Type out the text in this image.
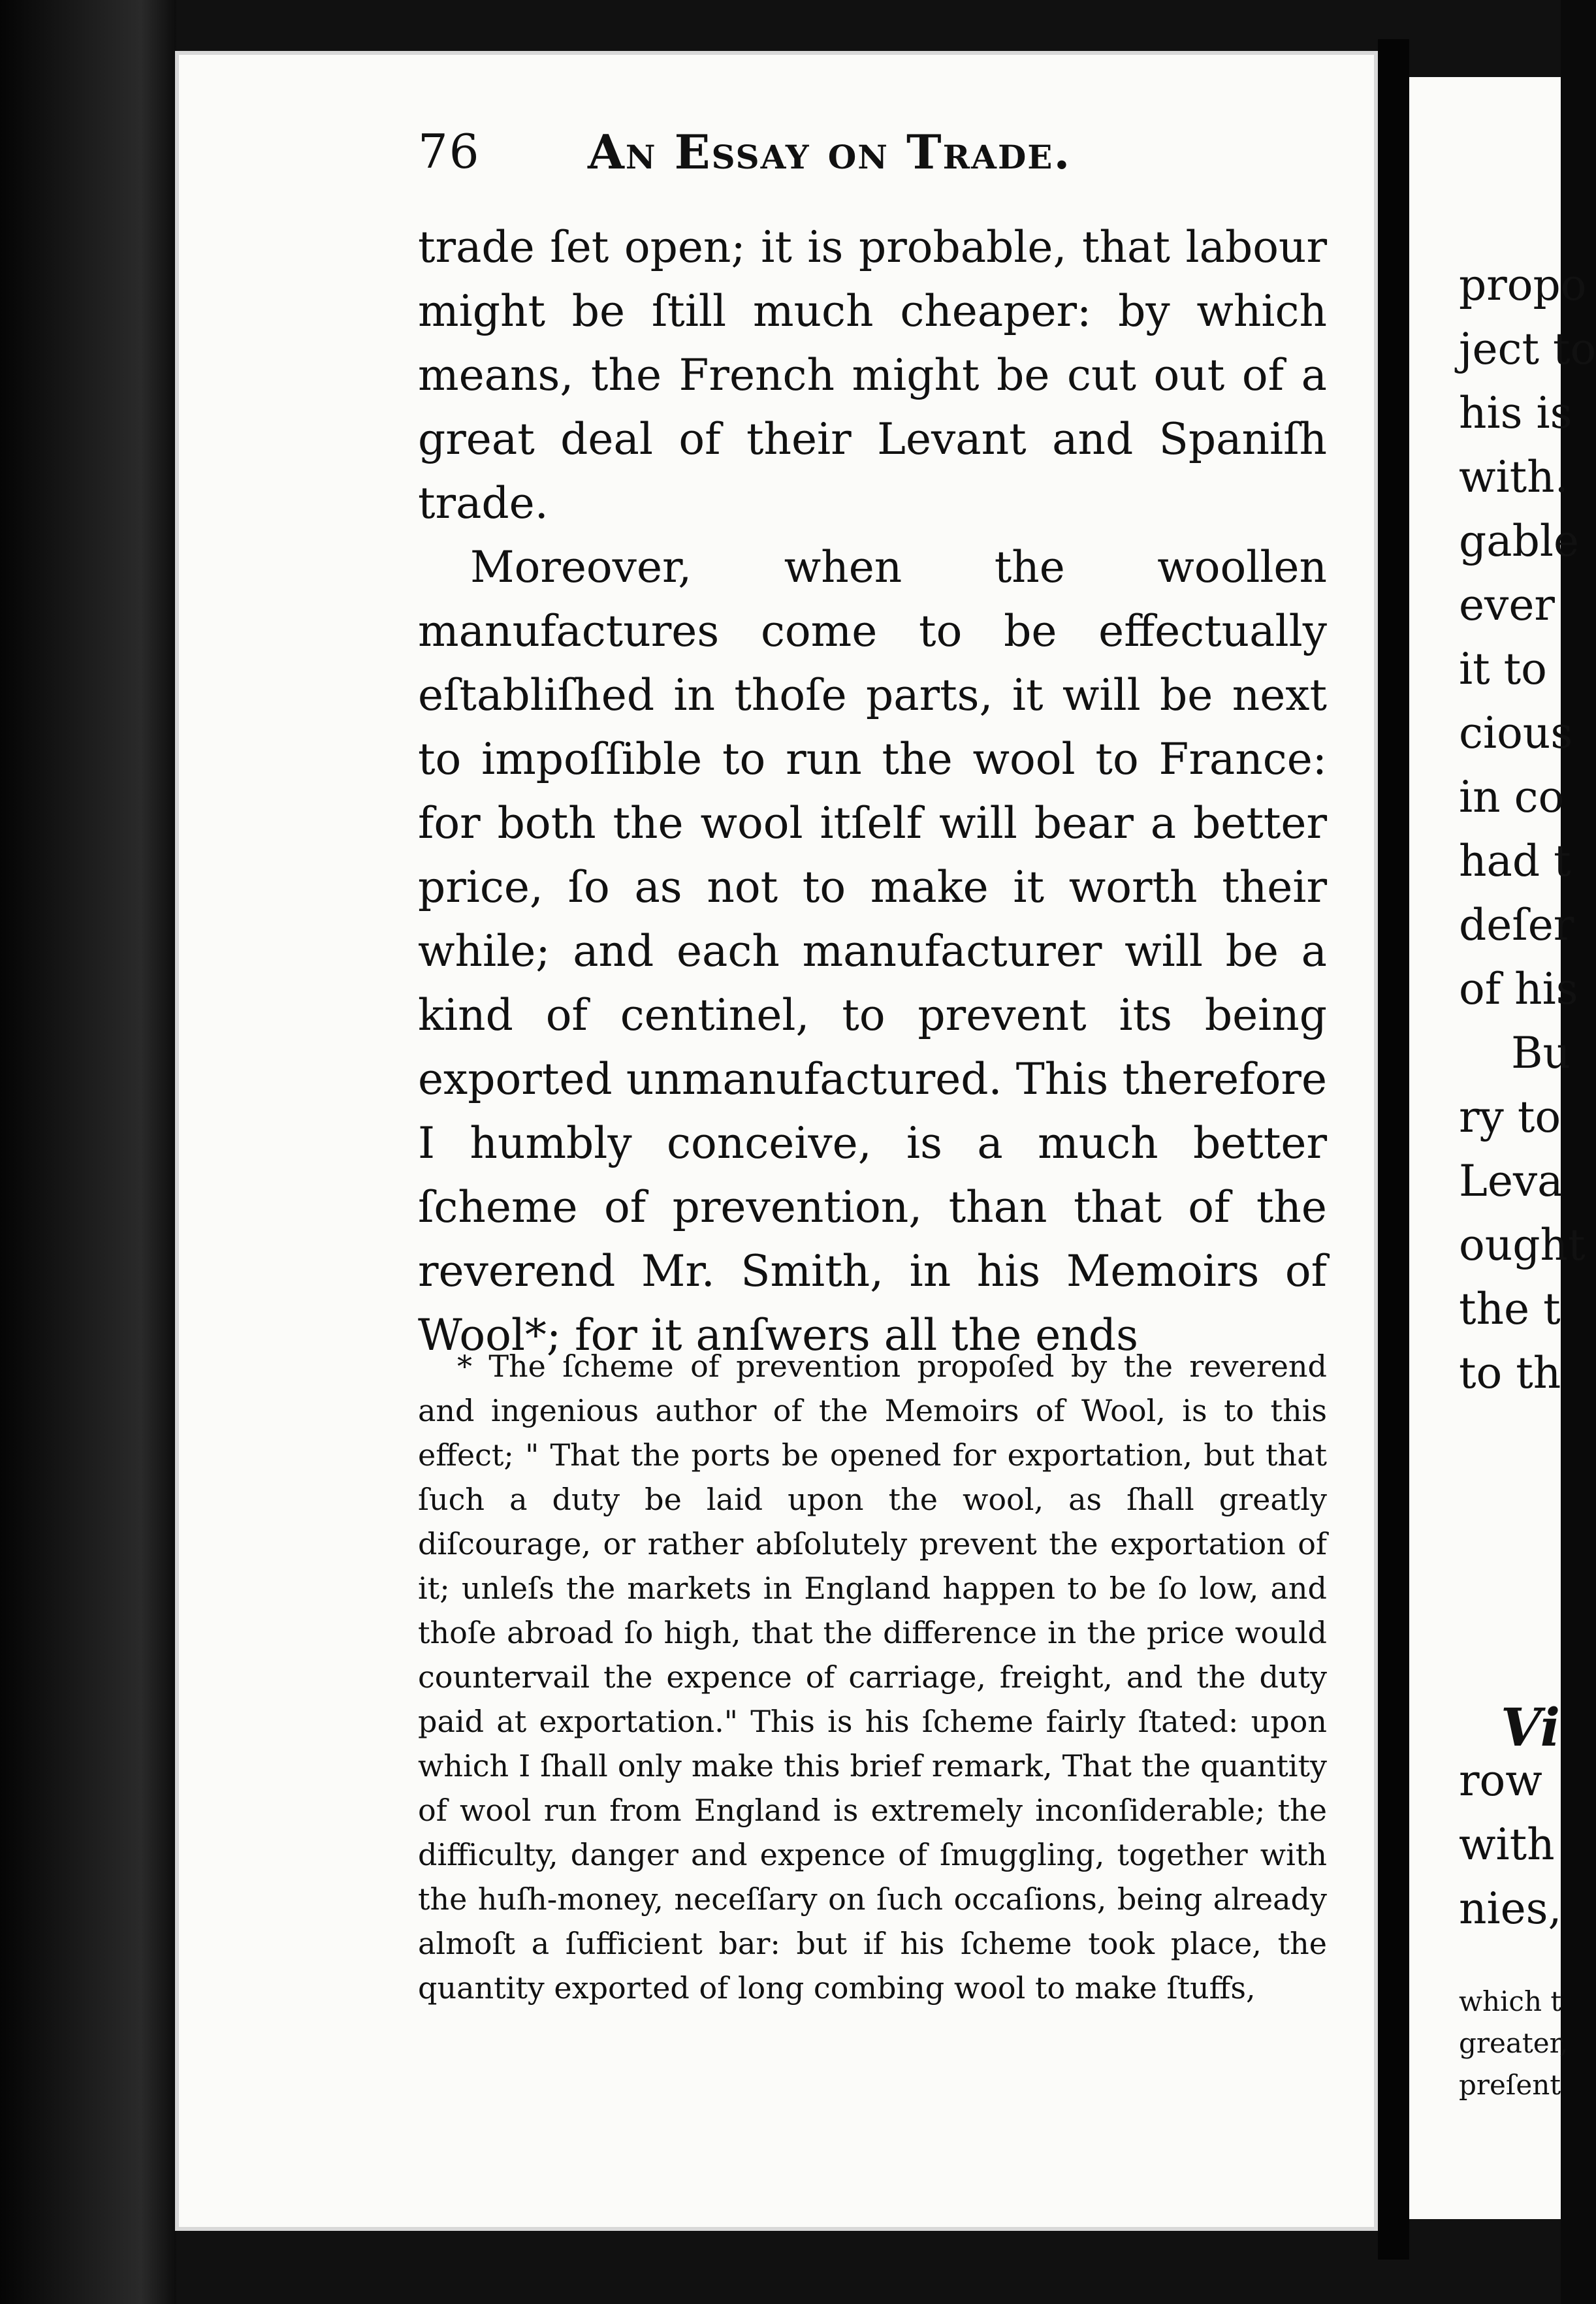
76 An Essay on Trade.

trade ſet open; it is probable, that labour might be ſtill much cheaper: by which means, the French might be cut out of a great deal of their Levant and Spaniſh trade.

Moreover, when the woollen manufactures come to be effectually eſtabliſhed in thoſe parts, it will be next to impoſſible to run the wool to France: for both the wool itſelf will bear a better price, ſo as not to make it worth their while; and each manufacturer will be a kind of centinel, to prevent its being exported unmanufactured. This therefore I humbly conceive, is a much better ſcheme of prevention, than that of the reverend Mr. Smith, in his Memoirs of Wool*; for it anſwers all the ends

* The ſcheme of prevention propoſed by the reverend and ingenious author of the Memoirs of Wool, is to this effect; " That the ports be opened for exportation, but that ſuch a duty be laid upon the wool, as ſhall greatly diſcourage, or rather abſolutely prevent the exportation of it; unleſs the markets in England happen to be ſo low, and thoſe abroad ſo high, that the difference in the price would countervail the expence of carriage, freight, and the duty paid at exportation." This is his ſcheme fairly ſtated: upon which I ſhall only make this brief remark, That the quantity of wool run from England is extremely inconſiderable; the difficulty, danger and expence of ſmuggling, together with the huſh-money, neceſſary on ſuch occaſions, being already almoſt a ſufficient bar: but if his ſcheme took place, the quantity exported of long combing wool to make ſtuffs,

propo
ject to
his is
with.
gable
ever
it to
cious
in co
had t
deſer
of his
Bu
ry to
Leva
ought
the t
to th
Vi
row
with
nies,
which t
greater,
preſent
